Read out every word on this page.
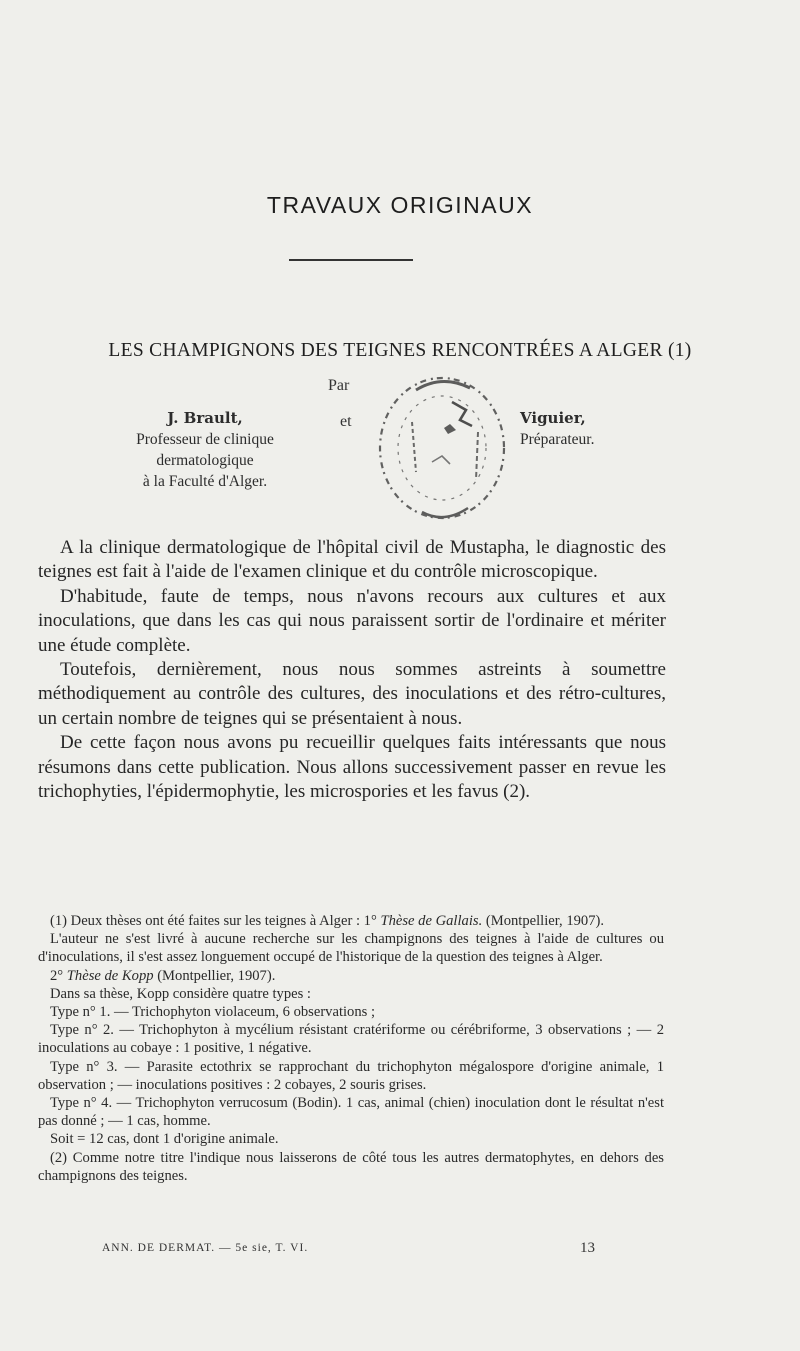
TRAVAUX ORIGINAUX
LES CHAMPIGNONS DES TEIGNES RENCONTRÉES A ALGER (1)
Par
et
J. Brault,
Professeur de clinique
dermatologique
à la Faculté d'Alger.
Viguier,
Préparateur.

A la clinique dermatologique de l'hôpital civil de Mustapha, le diagnostic des teignes est fait à l'aide de l'examen clinique et du contrôle microscopique.

D'habitude, faute de temps, nous n'avons recours aux cultures et aux inoculations, que dans les cas qui nous paraissent sortir de l'ordinaire et mériter une étude complète.

Toutefois, dernièrement, nous nous sommes astreints à soumettre méthodiquement au contrôle des cultures, des inoculations et des rétro-cultures, un certain nombre de teignes qui se présentaient à nous.

De cette façon nous avons pu recueillir quelques faits intéressants que nous résumons dans cette publication. Nous allons successivement passer en revue les trichophyties, l'épidermophytie, les microspories et les favus (2).

(1) Deux thèses ont été faites sur les teignes à Alger : 1° Thèse de Gallais. (Montpellier, 1907).

L'auteur ne s'est livré à aucune recherche sur les champignons des teignes à l'aide de cultures ou d'inoculations, il s'est assez longuement occupé de l'historique de la question des teignes à Alger.

2° Thèse de Kopp (Montpellier, 1907).

Dans sa thèse, Kopp considère quatre types :

Type n° 1. — Trichophyton violaceum, 6 observations ;

Type n° 2. — Trichophyton à mycélium résistant cratériforme ou cérébriforme, 3 observations ; — 2 inoculations au cobaye : 1 positive, 1 négative.

Type n° 3. — Parasite ectothrix se rapprochant du trichophyton mégalospore d'origine animale, 1 observation ; — inoculations positives : 2 cobayes, 2 souris grises.

Type n° 4. — Trichophyton verrucosum (Bodin). 1 cas, animal (chien) inoculation dont le résultat n'est pas donné ; — 1 cas, homme.

Soit = 12 cas, dont 1 d'origine animale.

(2) Comme notre titre l'indique nous laisserons de côté tous les autres dermatophytes, en dehors des champignons des teignes.

ANN. DE DERMAT. — 5e sie, T. VI.	13
